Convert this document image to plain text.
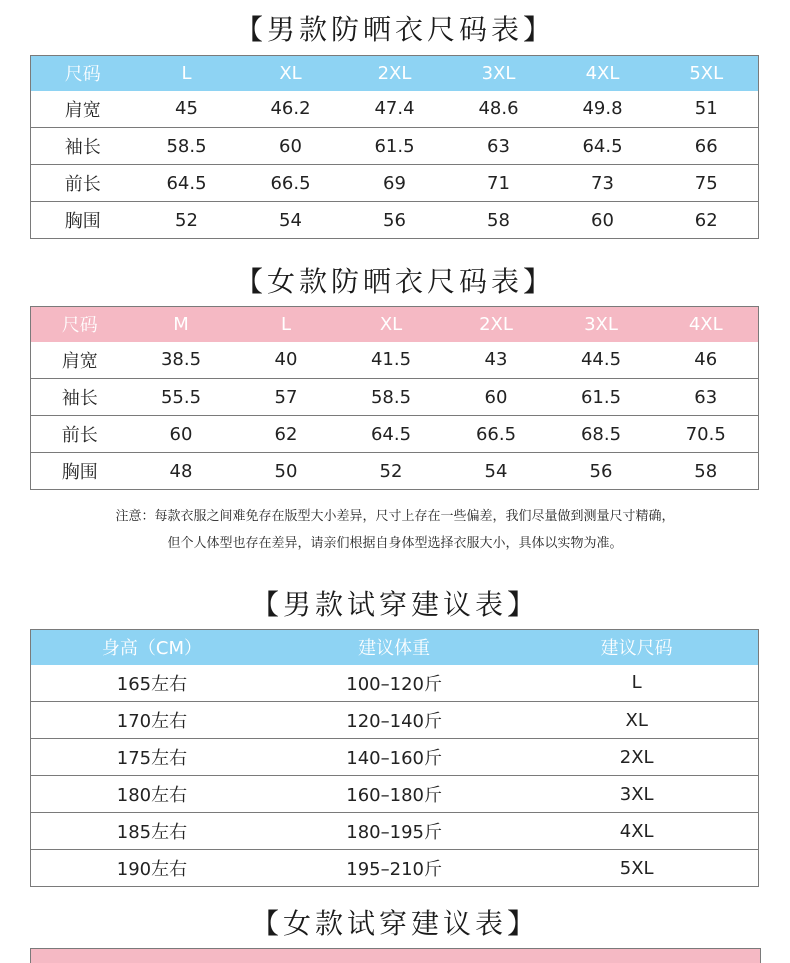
【男款防晒衣尺码表】
尺码	L	XL	2XL	3XL	4XL	5XL
肩宽	45	46.2	47.4	48.6	49.8	51
袖长	58.5	60	61.5	63	64.5	66
前长	64.5	66.5	69	71	73	75
胸围	52	54	56	58	60	62
【女款防晒衣尺码表】
尺码	M	L	XL	2XL	3XL	4XL
肩宽	38.5	40	41.5	43	44.5	46
袖长	55.5	57	58.5	60	61.5	63
前长	60	62	64.5	66.5	68.5	70.5
胸围	48	50	52	54	56	58
注意：每款衣服之间难免存在版型大小差异，尺寸上存在一些偏差，我们尽量做到测量尺寸精确，
但个人体型也存在差异，请亲们根据自身体型选择衣服大小，具体以实物为准。
【男款试穿建议表】
身高（CM）	建议体重	建议尺码
165左右	100–120斤	L
170左右	120–140斤	XL
175左右	140–160斤	2XL
180左右	160–180斤	3XL
185左右	180–195斤	4XL
190左右	195–210斤	5XL
【女款试穿建议表】
